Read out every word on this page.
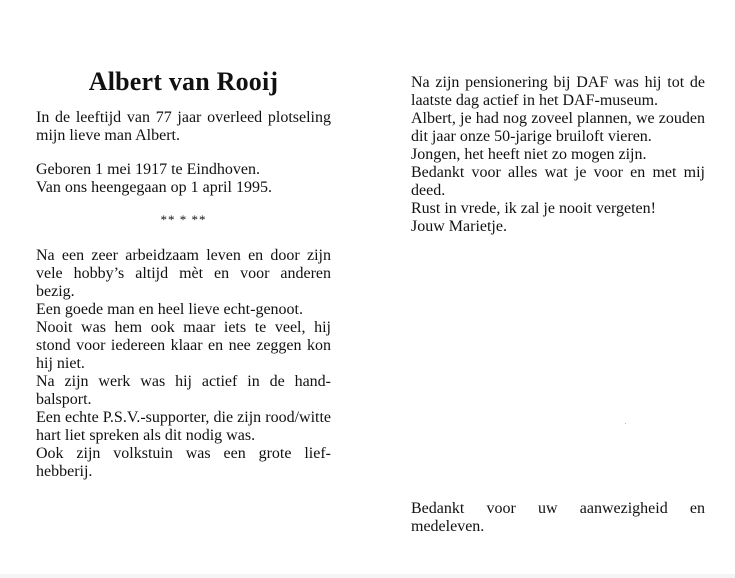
Albert van Rooij

In de leeftijd van 77 jaar overleed plotseling mijn lieve man Albert.

Geboren 1 mei 1917 te Eindhoven.
Van ons heengegaan op 1 april 1995.

** * **

Na een zeer arbeidzaam leven en door zijn vele hobby’s altijd mèt en voor anderen bezig.

Een goede man en heel lieve echt-genoot.

Nooit was hem ook maar iets te veel, hij stond voor iedereen klaar en nee zeggen kon hij niet.

Na zijn werk was hij actief in de hand-balsport.

Een echte P.S.V.-supporter, die zijn rood/witte hart liet spreken als dit nodig was.

Ook zijn volkstuin was een grote lief-hebberij.

Na zijn pensionering bij DAF was hij tot de laatste dag actief in het DAF-museum.

Albert, je had nog zoveel plannen, we zouden dit jaar onze 50-jarige bruiloft vieren.

Jongen, het heeft niet zo mogen zijn.

Bedankt voor alles wat je voor en met mij deed.

Rust in vrede, ik zal je nooit vergeten!

Jouw Marietje.

Bedankt voor uw aanwezigheid en medeleven.
